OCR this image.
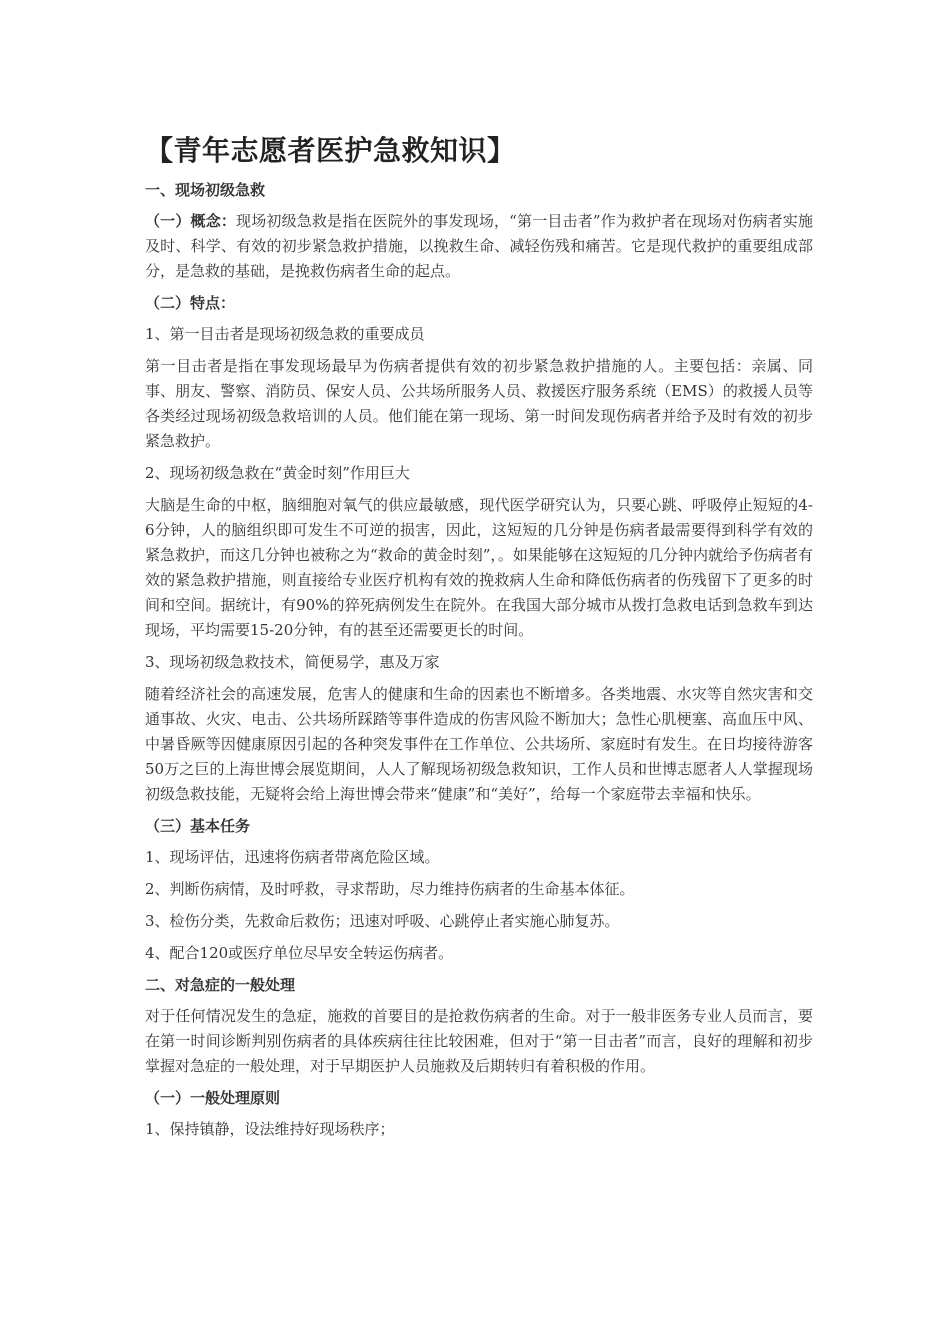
【青年志愿者医护急救知识】
一、现场初级急救
（一）概念：现场初级急救是指在医院外的事发现场，“第一目击者”作为救护者在现场对伤病者实施及时、科学、有效的初步紧急救护措施，以挽救生命、减轻伤残和痛苦。它是现代救护的重要组成部分，是急救的基础，是挽救伤病者生命的起点。
（二）特点：
1、第一目击者是现场初级急救的重要成员
第一目击者是指在事发现场最早为伤病者提供有效的初步紧急救护措施的人。主要包括：亲属、同事、朋友、警察、消防员、保安人员、公共场所服务人员、救援医疗服务系统（EMS）的救援人员等各类经过现场初级急救培训的人员。他们能在第一现场、第一时间发现伤病者并给予及时有效的初步紧急救护。
2、现场初级急救在“黄金时刻”作用巨大
大脑是生命的中枢，脑细胞对氧气的供应最敏感，现代医学研究认为，只要心跳、呼吸停止短短的4-6分钟，人的脑组织即可发生不可逆的损害，因此，这短短的几分钟是伤病者最需要得到科学有效的紧急救护，而这几分钟也被称之为“救命的黄金时刻”，。如果能够在这短短的几分钟内就给予伤病者有效的紧急救护措施，则直接给专业医疗机构有效的挽救病人生命和降低伤病者的伤残留下了更多的时间和空间。据统计，有90%的猝死病例发生在院外。在我国大部分城市从拨打急救电话到急救车到达现场，平均需要15-20分钟，有的甚至还需要更长的时间。
3、现场初级急救技术，简便易学，惠及万家
随着经济社会的高速发展，危害人的健康和生命的因素也不断增多。各类地震、水灾等自然灾害和交通事故、火灾、电击、公共场所踩踏等事件造成的伤害风险不断加大；急性心肌梗塞、高血压中风、中暑昏厥等因健康原因引起的各种突发事件在工作单位、公共场所、家庭时有发生。在日均接待游客50万之巨的上海世博会展览期间，人人了解现场初级急救知识，工作人员和世博志愿者人人掌握现场初级急救技能，无疑将会给上海世博会带来“健康”和“美好”，给每一个家庭带去幸福和快乐。
（三）基本任务
1、现场评估，迅速将伤病者带离危险区域。
2、判断伤病情，及时呼救，寻求帮助，尽力维持伤病者的生命基本体征。
3、检伤分类，先救命后救伤；迅速对呼吸、心跳停止者实施心肺复苏。
4、配合120或医疗单位尽早安全转运伤病者。
二、对急症的一般处理
对于任何情况发生的急症，施救的首要目的是抢救伤病者的生命。对于一般非医务专业人员而言，要在第一时间诊断判别伤病者的具体疾病往往比较困难，但对于“第一目击者”而言，良好的理解和初步掌握对急症的一般处理，对于早期医护人员施救及后期转归有着积极的作用。
（一）一般处理原则
1、保持镇静，设法维持好现场秩序；
